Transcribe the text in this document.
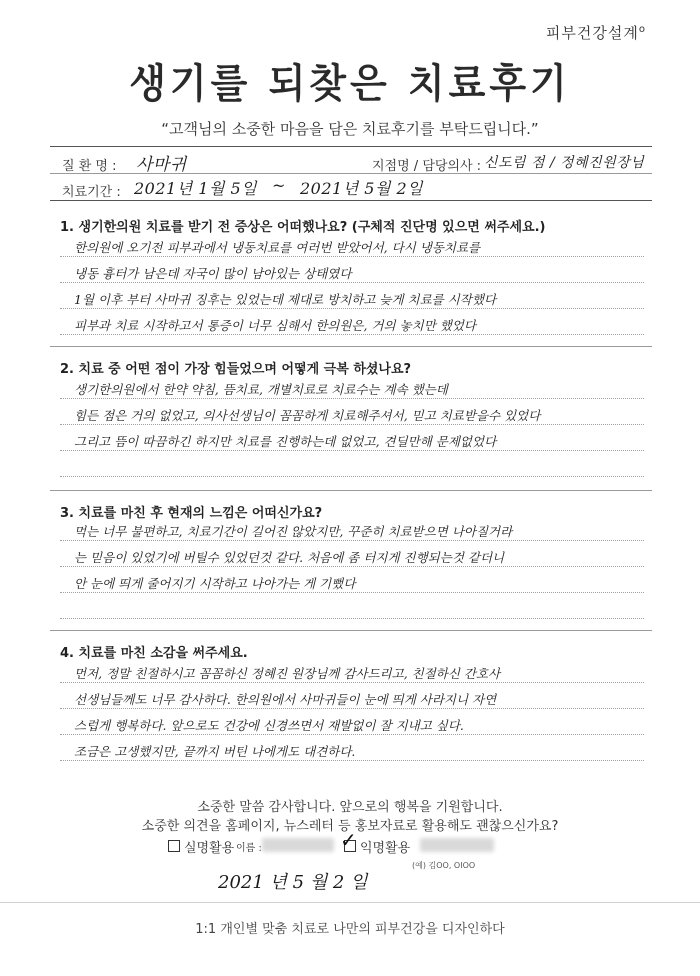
피부건강설계$^o$
생기를 되찾은 치료후기
“고객님의 소중한 마음을 담은 치료후기를 부탁드립니다.”
질 환 명 : 사마귀	지점명 / 담당의사 : 신도림 점 / 정혜진원장님
치료기간 : 2021년 1월 5일 ~ 2021년 5월 2일
1. 생기한의원 치료를 받기 전 증상은 어떠했나요? (구체적 진단명 있으면 써주세요.)
한의원에 오기전 피부과에서 냉동치료를 여러번 받았어서, 다시 냉동치료를
냉동 흉터가 남은데 자국이 많이 남아있는 상태였다
1월 이후 부터 사마귀 징후는 있었는데 제대로 방치하고 늦게 치료를 시작했다
피부과 치료 시작하고서 통증이 너무 심해서 한의원은, 거의 놓치만 했었다
2. 치료 중 어떤 점이 가장 힘들었으며 어떻게 극복 하셨나요?
생기한의원에서 한약 약침, 뜸치료, 개별치료로 치료수는 계속 했는데
힘든 점은 거의 없었고, 의사선생님이 꼼꼼하게 치료해주셔서, 믿고 치료받을수 있었다
그리고 뜸이 따끔하긴 하지만 치료를 진행하는데 없었고, 견딜만해 문제없었다
3. 치료를 마친 후 현재의 느낌은 어떠신가요?
먹는 너무 불편하고, 치료기간이 길어진 않았지만, 꾸준히 치료받으면 나아질거라
는 믿음이 있었기에 버틸수 있었던것 같다. 처음에 좀 터지게 진행되는것 같더니
안 눈에 띄게 줄어지기 시작하고 나아가는 게 기뻤다
4. 치료를 마친 소감을 써주세요.
먼저, 정말 친절하시고 꼼꼼하신 정혜진 원장님께 감사드리고, 친절하신 간호사
선생님들께도 너무 감사하다. 한의원에서 사마귀들이 눈에 띄게 사라지니 자연
스럽게 행복하다. 앞으로도 건강에 신경쓰면서 재발없이 잘 지내고 싶다.
조금은 고생했지만, 끝까지 버틴 나에게도 대견하다.
소중한 말씀 감사합니다. 앞으로의 행복을 기원합니다.
소중한 의견을 홈페이지, 뉴스레터 등 홍보자료로 활용해도 괜찮으신가요?
실명활용 이름 :	✓ 익명활용
(예) 김OO, OIOO
2021 년 5 월 2 일
1:1 개인별 맞춤 치료로 나만의 피부건강을 디자인하다
